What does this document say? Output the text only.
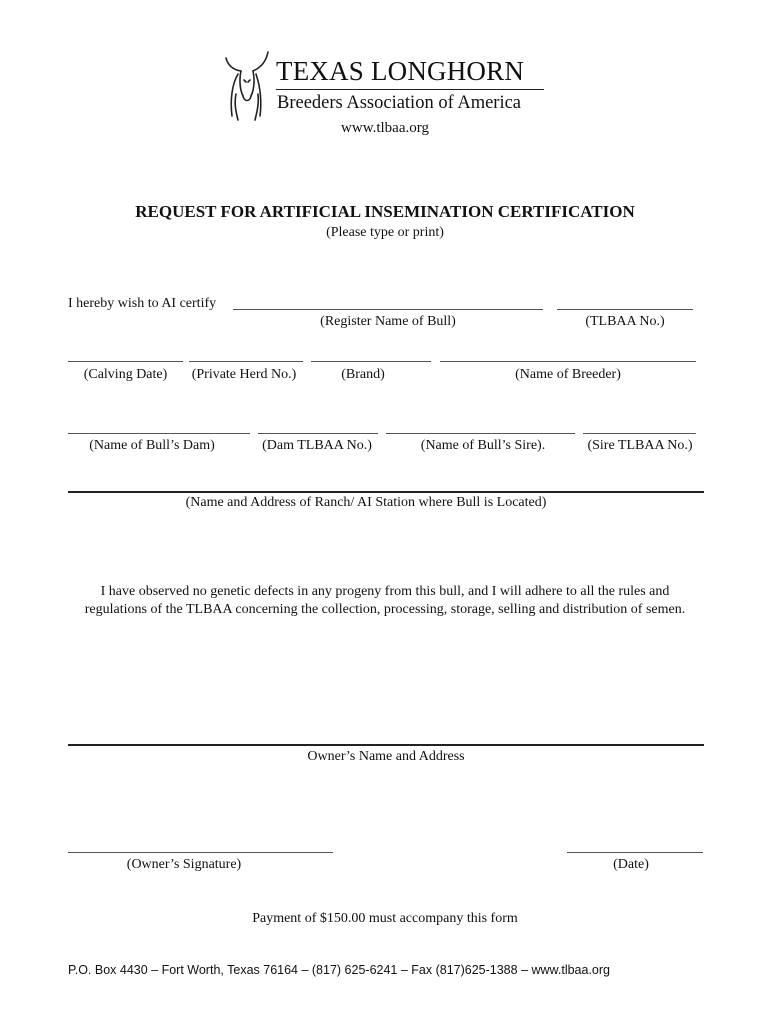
TEXAS LONGHORN
Breeders Association of America
www.tlbaa.org
REQUEST FOR ARTIFICIAL INSEMINATION CERTIFICATION
(Please type or print)
I hereby wish to AI certify
(Register Name of Bull)	(TLBAA No.)
(Calving Date)	(Private Herd No.)	(Brand)	(Name of Breeder)
(Name of Bull’s Dam)	(Dam TLBAA No.)	(Name of Bull’s Sire).	(Sire TLBAA No.)
(Name and Address of Ranch/ AI Station where Bull is Located)
I have observed no genetic defects in any progeny from this bull, and I will adhere to all the rules and regulations of the TLBAA concerning the collection, processing, storage, selling and distribution of semen.
Owner’s Name and Address
(Owner’s Signature)	(Date)
Payment of $150.00 must accompany this form
P.O. Box 4430 – Fort Worth, Texas 76164 – (817) 625-6241 – Fax (817)625-1388 – www.tlbaa.org
